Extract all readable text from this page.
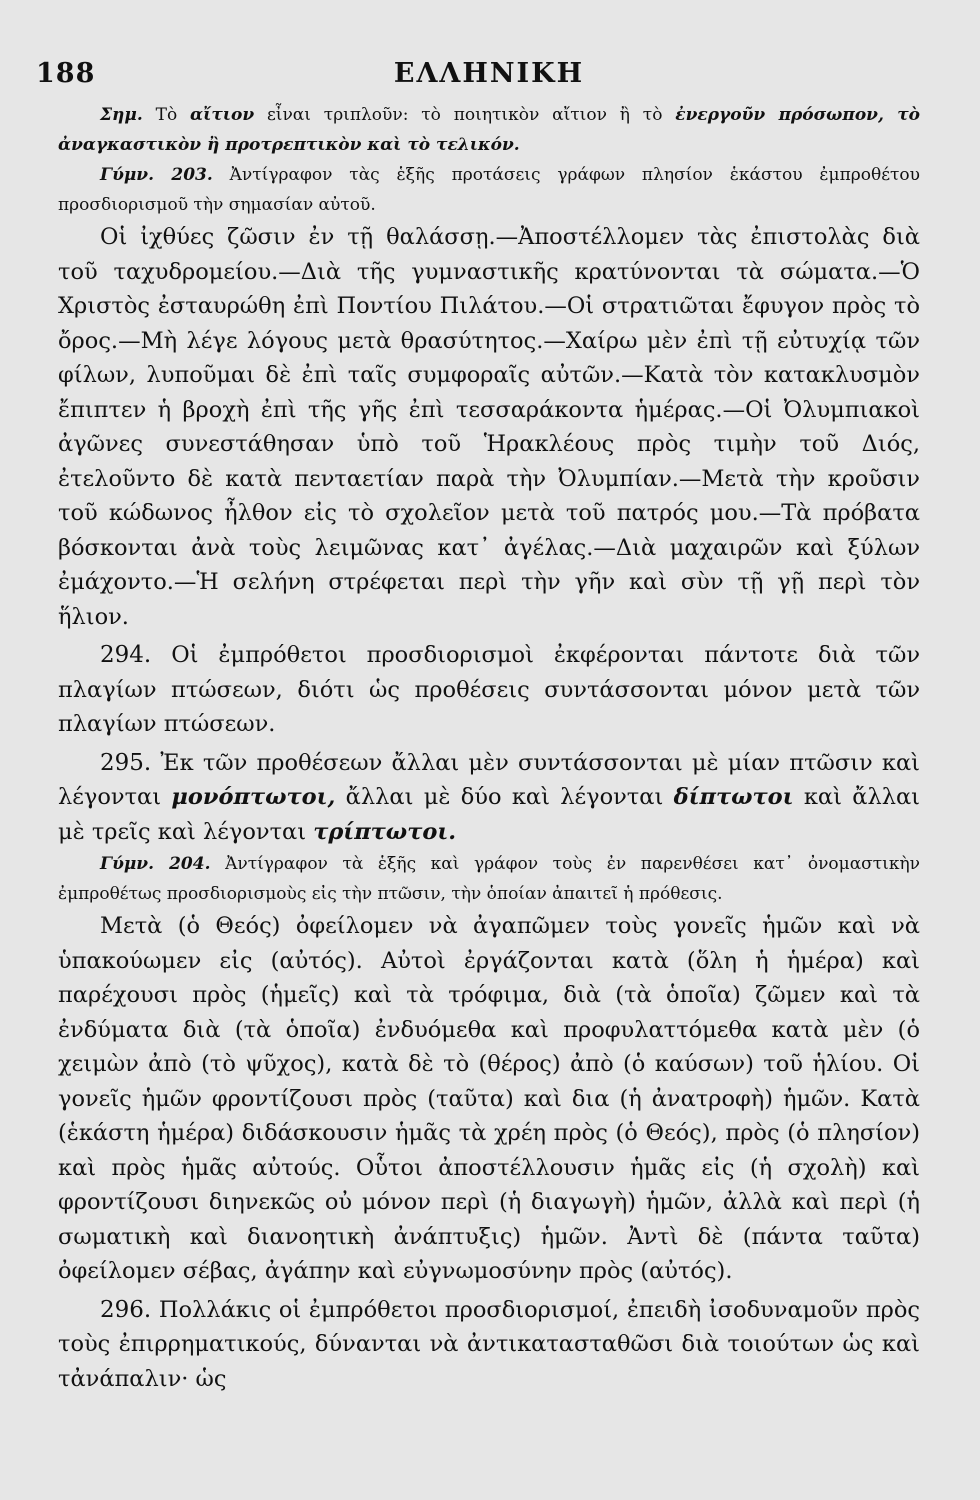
188	ΕΛΛΗΝΙΚΗ

Σημ. Τὸ αἴτιον εἶναι τριπλοῦν: τὸ ποιητικὸν αἴτιον ἢ τὸ ἐνεργοῦν πρόσωπον, τὸ ἀναγκαστικὸν ἢ προτρεπτικὸν καὶ τὸ τελικόν.

Γύμν. 203. Ἀντίγραφον τὰς ἑξῆς προτάσεις γράφων πλησίον ἑκάστου ἐμπροθέτου προσδιορισμοῦ τὴν σημασίαν αὐτοῦ.

Οἱ ἰχθύες ζῶσιν ἐν τῇ θαλάσσῃ.—Ἀποστέλλομεν τὰς ἐπιστολὰς διὰ τοῦ ταχυδρομείου.—Διὰ τῆς γυμναστικῆς κρατύνονται τὰ σώματα.—Ὁ Χριστὸς ἐσταυρώθη ἐπὶ Ποντίου Πιλάτου.—Οἱ στρατιῶται ἔφυγον πρὸς τὸ ὄρος.—Μὴ λέγε λόγους μετὰ θρασύτητος.—Χαίρω μὲν ἐπὶ τῇ εὐτυχίᾳ τῶν φίλων, λυποῦμαι δὲ ἐπὶ ταῖς συμφοραῖς αὐτῶν.—Κατὰ τὸν κατακλυσμὸν ἔπιπτεν ἡ βροχὴ ἐπὶ τῆς γῆς ἐπὶ τεσσαράκοντα ἡμέρας.—Οἱ Ὀλυμπιακοὶ ἀγῶνες συνεστάθησαν ὑπὸ τοῦ Ἡρακλέους πρὸς τιμὴν τοῦ Διός, ἐτελοῦντο δὲ κατὰ πενταετίαν παρὰ τὴν Ὀλυμπίαν.—Μετὰ τὴν κροῦσιν τοῦ κώδωνος ἦλθον εἰς τὸ σχολεῖον μετὰ τοῦ πατρός μου.—Τὰ πρόβατα βόσκονται ἀνὰ τοὺς λειμῶνας κατ᾽ ἀγέλας.—Διὰ μαχαιρῶν καὶ ξύλων ἐμάχοντο.—Ἡ σελήνη στρέφεται περὶ τὴν γῆν καὶ σὺν τῇ γῇ περὶ τὸν ἥλιον.

294. Οἱ ἐμπρόθετοι προσδιορισμοὶ ἐκφέρονται πάντοτε διὰ τῶν πλαγίων πτώσεων, διότι ὡς προθέσεις συντάσσονται μόνον μετὰ τῶν πλαγίων πτώσεων.

295. Ἐκ τῶν προθέσεων ἄλλαι μὲν συντάσσονται μὲ μίαν πτῶσιν καὶ λέγονται μονόπτωτοι, ἄλλαι μὲ δύο καὶ λέγονται δίπτωτοι καὶ ἄλλαι μὲ τρεῖς καὶ λέγονται τρίπτωτοι.

Γύμν. 204. Ἀντίγραφον τὰ ἑξῆς καὶ γράφον τοὺς ἐν παρενθέσει κατ᾽ ὀνομαστικὴν ἐμπροθέτως προσδιορισμοὺς εἰς τὴν πτῶσιν, τὴν ὁποίαν ἀπαιτεῖ ἡ πρόθεσις.

Μετὰ (ὁ Θεός) ὀφείλομεν νὰ ἀγαπῶμεν τοὺς γονεῖς ἡμῶν καὶ νὰ ὑπακούωμεν εἰς (αὐτός). Αὐτοὶ ἐργάζονται κατὰ (ὅλη ἡ ἡμέρα) καὶ παρέχουσι πρὸς (ἡμεῖς) καὶ τὰ τρόφιμα, διὰ (τὰ ὁποῖα) ζῶμεν καὶ τὰ ἐνδύματα διὰ (τὰ ὁποῖα) ἐνδυόμεθα καὶ προφυλαττόμεθα κατὰ μὲν (ὁ χειμὼν ἀπὸ (τὸ ψῦχος), κατὰ δὲ τὸ (θέρος) ἀπὸ (ὁ καύσων) τοῦ ἡλίου. Οἱ γονεῖς ἡμῶν φροντίζουσι πρὸς (ταῦτα) καὶ δια (ἡ ἀνατροφὴ) ἡμῶν. Κατὰ (ἑκάστη ἡμέρα) διδάσκουσιν ἡμᾶς τὰ χρέη πρὸς (ὁ Θεός), πρὸς (ὁ πλησίον) καὶ πρὸς ἡμᾶς αὐτούς. Οὗτοι ἀποστέλλουσιν ἡμᾶς εἰς (ἡ σχολὴ) καὶ φροντίζουσι διηνεκῶς οὐ μόνον περὶ (ἡ διαγωγὴ) ἡμῶν, ἀλλὰ καὶ περὶ (ἡ σωματικὴ καὶ διανοητικὴ ἀνάπτυξις) ἡμῶν. Ἀντὶ δὲ (πάντα ταῦτα) ὀφείλομεν σέβας, ἀγάπην καὶ εὐγνωμοσύνην πρὸς (αὐτός).

296. Πολλάκις οἱ ἐμπρόθετοι προσδιορισμοί, ἐπειδὴ ἰσοδυναμοῦν πρὸς τοὺς ἐπιρρηματικούς, δύνανται νὰ ἀντικατασταθῶσι διὰ τοιούτων ὡς καὶ τἀνάπαλιν· ὡς
